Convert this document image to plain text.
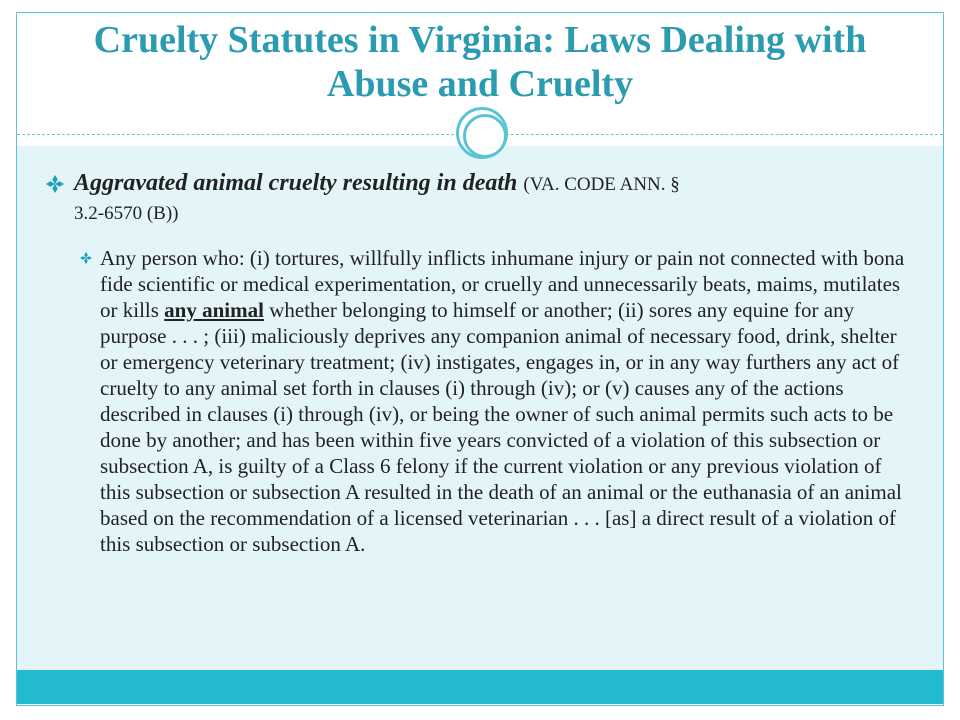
Cruelty Statutes in Virginia: Laws Dealing with Abuse and Cruelty
Aggravated animal cruelty resulting in death (VA. CODE ANN. §
3.2-6570 (B))
Any person who: (i) tortures, willfully inflicts inhumane injury or pain not connected with bona fide scientific or medical experimentation, or cruelly and unnecessarily beats, maims, mutilates or kills any animal whether belonging to himself or another; (ii) sores any equine for any purpose . . . ; (iii) maliciously deprives any companion animal of necessary food, drink, shelter or emergency veterinary treatment; (iv) instigates, engages in, or in any way furthers any act of cruelty to any animal set forth in clauses (i) through (iv); or (v) causes any of the actions described in clauses (i) through (iv), or being the owner of such animal permits such acts to be done by another; and has been within five years convicted of a violation of this subsection or subsection A, is guilty of a Class 6 felony if the current violation or any previous violation of this subsection or subsection A resulted in the death of an animal or the euthanasia of an animal based on the recommendation of a licensed veterinarian . . . [as] a direct result of a violation of this subsection or subsection A.
